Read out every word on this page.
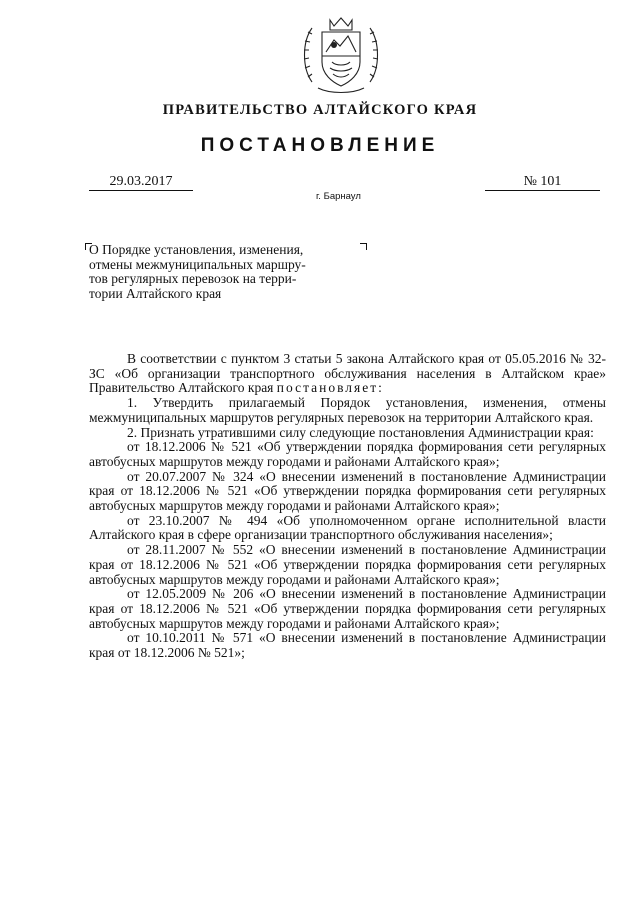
ПРАВИТЕЛЬСТВО АЛТАЙСКОГО КРАЯ
ПОСТАНОВЛЕНИЕ
29.03.2017	№ 101
г. Барнаул
О Порядке установления, изменения,
отмены межмуниципальных маршру-
тов регулярных перевозок на терри-
тории Алтайского края

В соответствии с пунктом 3 статьи 5 закона Алтайского края от 05.05.2016 № 32-ЗС «Об организации транспортного обслуживания населения в Алтайском крае» Правительство Алтайского края постановляет:

1. Утвердить прилагаемый Порядок установления, изменения, отмены межмуниципальных маршрутов регулярных перевозок на территории Алтайского края.

2. Признать утратившими силу следующие постановления Администрации края:

от 18.12.2006 № 521 «Об утверждении порядка формирования сети регулярных автобусных маршрутов между городами и районами Алтайского края»;

от 20.07.2007 № 324 «О внесении изменений в постановление Администрации края от 18.12.2006 № 521 «Об утверждении порядка формирования сети регулярных автобусных маршрутов между городами и районами Алтайского края»;

от 23.10.2007 № 494 «Об уполномоченном органе исполнительной власти Алтайского края в сфере организации транспортного обслуживания населения»;

от 28.11.2007 № 552 «О внесении изменений в постановление Администрации края от 18.12.2006 № 521 «Об утверждении порядка формирования сети регулярных автобусных маршрутов между городами и районами Алтайского края»;

от 12.05.2009 № 206 «О внесении изменений в постановление Администрации края от 18.12.2006 № 521 «Об утверждении порядка формирования сети регулярных автобусных маршрутов между городами и районами Алтайского края»;

от 10.10.2011 № 571 «О внесении изменений в постановление Администрации края от 18.12.2006 № 521»;
